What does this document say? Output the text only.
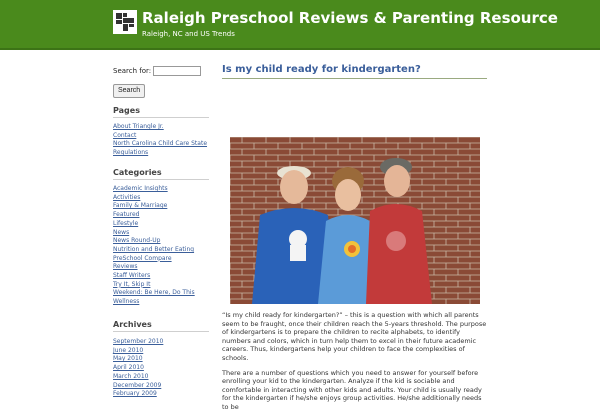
Raleigh Preschool Reviews & Parenting Resource
Raleigh, NC and US Trends
Search for:
Search
Pages
About Triangle Jr.
Contact
North Carolina Child Care State
Regulations
Categories
Academic Insights
Activities
Family & Marriage
Featured
Lifestyle
News
News Round-Up
Nutrition and Better Eating
PreSchool Compare
Reviews
Staff Writers
Try It, Skip It
Weekend: Be Here, Do This
Wellness
Archives
September 2010
June 2010
May 2010
April 2010
March 2010
December 2009
February 2009
Is my child ready for kindergarten?

“Is my child ready for kindergarten?” – this is a question with which all parents seem to be fraught, once their children reach the 5-years threshold. The purpose of kindergartens is to prepare the children to recite alphabets, to identify numbers and colors, which in turn help them to excel in their future academic careers. Thus, kindergartens help your children to face the complexities of schools.

There are a number of questions which you need to answer for yourself before enrolling your kid to the kindergarten. Analyze if the kid is sociable and comfortable in interacting with other kids and adults. Your child is usually ready for the kindergarten if he/she enjoys group activities. He/she additionally needs to be
